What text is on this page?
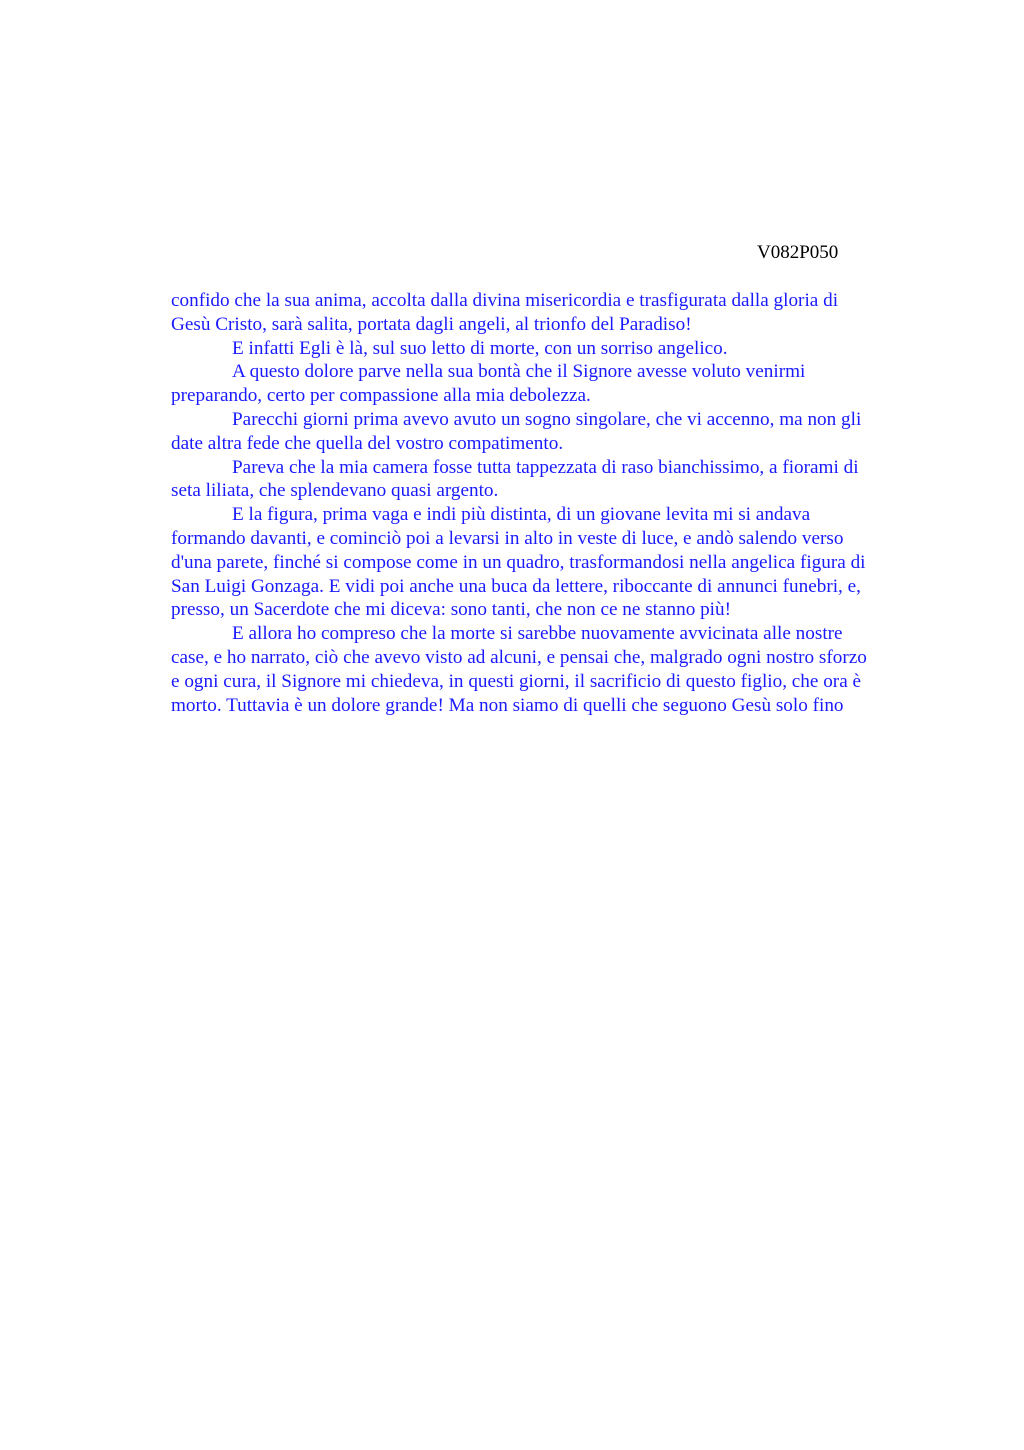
V082P050
confido che la sua anima, accolta dalla divina misericordia e trasfigurata dalla gloria di
Gesù Cristo, sarà salita, portata dagli angeli, al trionfo del Paradiso!
E infatti Egli è là, sul suo letto di morte, con un sorriso angelico.
A questo dolore parve nella sua bontà che il Signore avesse voluto venirmi
preparando, certo per compassione alla mia debolezza.
Parecchi giorni prima avevo avuto un sogno singolare, che vi accenno, ma non gli
date altra fede che quella del vostro compatimento.
Pareva che la mia camera fosse tutta tappezzata di raso bianchissimo, a fiorami di
seta liliata, che splendevano quasi argento.
E la figura, prima vaga e indi più distinta, di un giovane levita mi si andava
formando davanti, e cominciò poi a levarsi in alto in veste di luce, e andò salendo verso
d'una parete, finché si compose come in un quadro, trasformandosi nella angelica figura di
San Luigi Gonzaga. E vidi poi anche una buca da lettere, riboccante di annunci funebri, e,
presso, un Sacerdote che mi diceva: sono tanti, che non ce ne stanno più!
E allora ho compreso che la morte si sarebbe nuovamente avvicinata alle nostre
case, e ho narrato, ciò che avevo visto ad alcuni, e pensai che, malgrado ogni nostro sforzo
e ogni cura, il Signore mi chiedeva, in questi giorni, il sacrificio di questo figlio, che ora è
morto. Tuttavia è un dolore grande! Ma non siamo di quelli che seguono Gesù solo fino
